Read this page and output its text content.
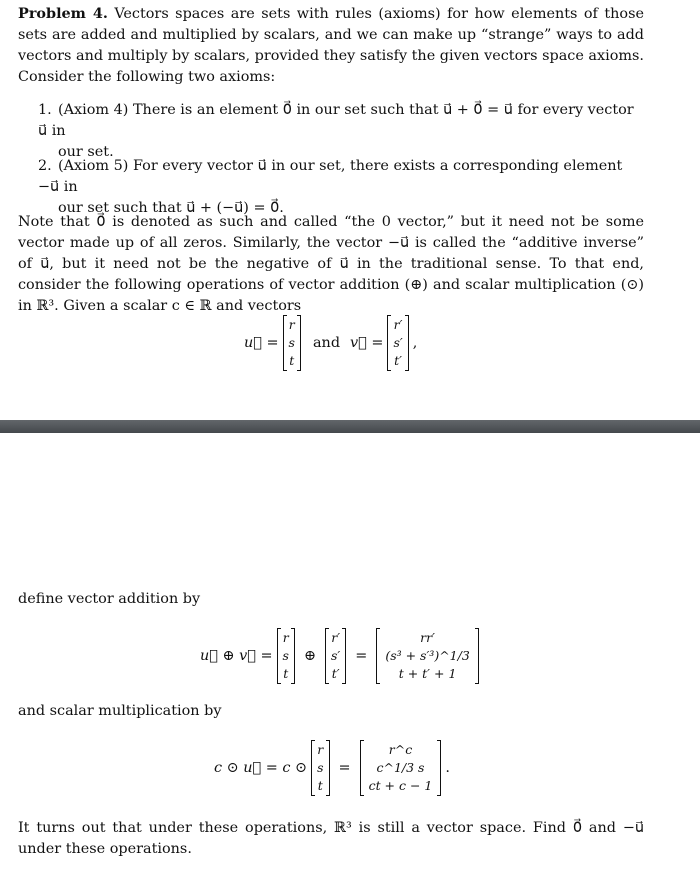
Problem 4. Vectors spaces are sets with rules (axioms) for how elements of those sets are added and multiplied by scalars, and we can make up “strange” ways to add vectors and multiply by scalars, provided they satisfy the given vectors space axioms. Consider the following two axioms:
1. (Axiom 4) There is an element 0⃗ in our set such that u⃗ + 0⃗ = u⃗ for every vector u⃗ in
our set.
2. (Axiom 5) For every vector u⃗ in our set, there exists a corresponding element −u⃗ in
our set such that u⃗ + (−u⃗) = 0⃗.
Note that 0⃗ is denoted as such and called “the 0 vector,” but it need not be some vector made up of all zeros. Similarly, the vector −u⃗ is called the “additive inverse” of u⃗, but it need not be the negative of u⃗ in the traditional sense. To that end, consider the following operations of vector addition (⊕) and scalar multiplication (⊙) in ℝ³. Given a scalar c ∈ ℝ and vectors
u⃗ =
r
s
t
and v⃗ =
r′
s′
t′
,
define vector addition by
u⃗ ⊕ v⃗ =
r
s
t
⊕
r′
s′
t′
=
rr′
(s³ + s′³)^1/3
t + t′ + 1
and scalar multiplication by
c ⊙ u⃗ = c ⊙
r
s
t
=
r^c
c^1/3 s
ct + c − 1
.
It turns out that under these operations, ℝ³ is still a vector space. Find 0⃗ and −u⃗ under these operations.
